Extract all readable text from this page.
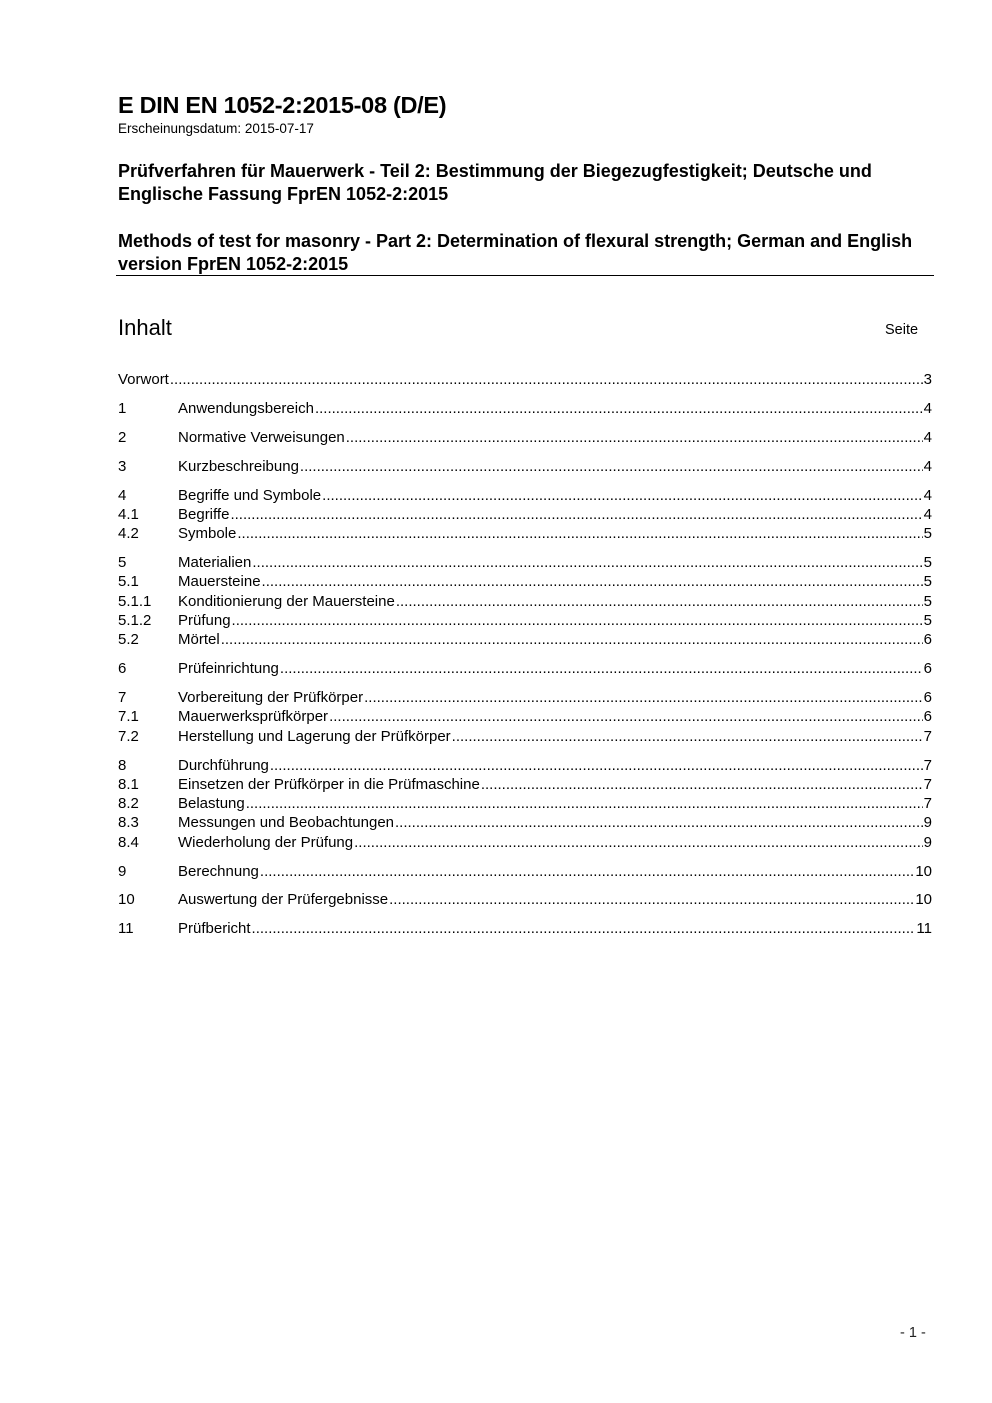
E DIN EN 1052-2:2015-08 (D/E)
Erscheinungsdatum: 2015-07-17
Prüfverfahren für Mauerwerk - Teil 2: Bestimmung der Biegezugfestigkeit; Deutsche und Englische Fassung FprEN 1052-2:2015
Methods of test for masonry - Part 2: Determination of flexural strength; German and English version FprEN 1052-2:2015
Inhalt	Seite
Vorwort .....	3
1	Anwendungsbereich .....	4
2	Normative Verweisungen .....	4
3	Kurzbeschreibung .....	4
4	Begriffe und Symbole .....	4
4.1	Begriffe .....	4
4.2	Symbole .....	5
5	Materialien .....	5
5.1	Mauersteine .....	5
5.1.1	Konditionierung der Mauersteine .....	5
5.1.2	Prüfung .....	5
5.2	Mörtel .....	6
6	Prüfeinrichtung .....	6
7	Vorbereitung der Prüfkörper .....	6
7.1	Mauerwerksprüfkörper .....	6
7.2	Herstellung und Lagerung der Prüfkörper .....	7
8	Durchführung .....	7
8.1	Einsetzen der Prüfkörper in die Prüfmaschine .....	7
8.2	Belastung .....	7
8.3	Messungen und Beobachtungen .....	9
8.4	Wiederholung der Prüfung .....	9
9	Berechnung .....	10
10	Auswertung der Prüfergebnisse .....	10
11	Prüfbericht .....	11
- 1 -
